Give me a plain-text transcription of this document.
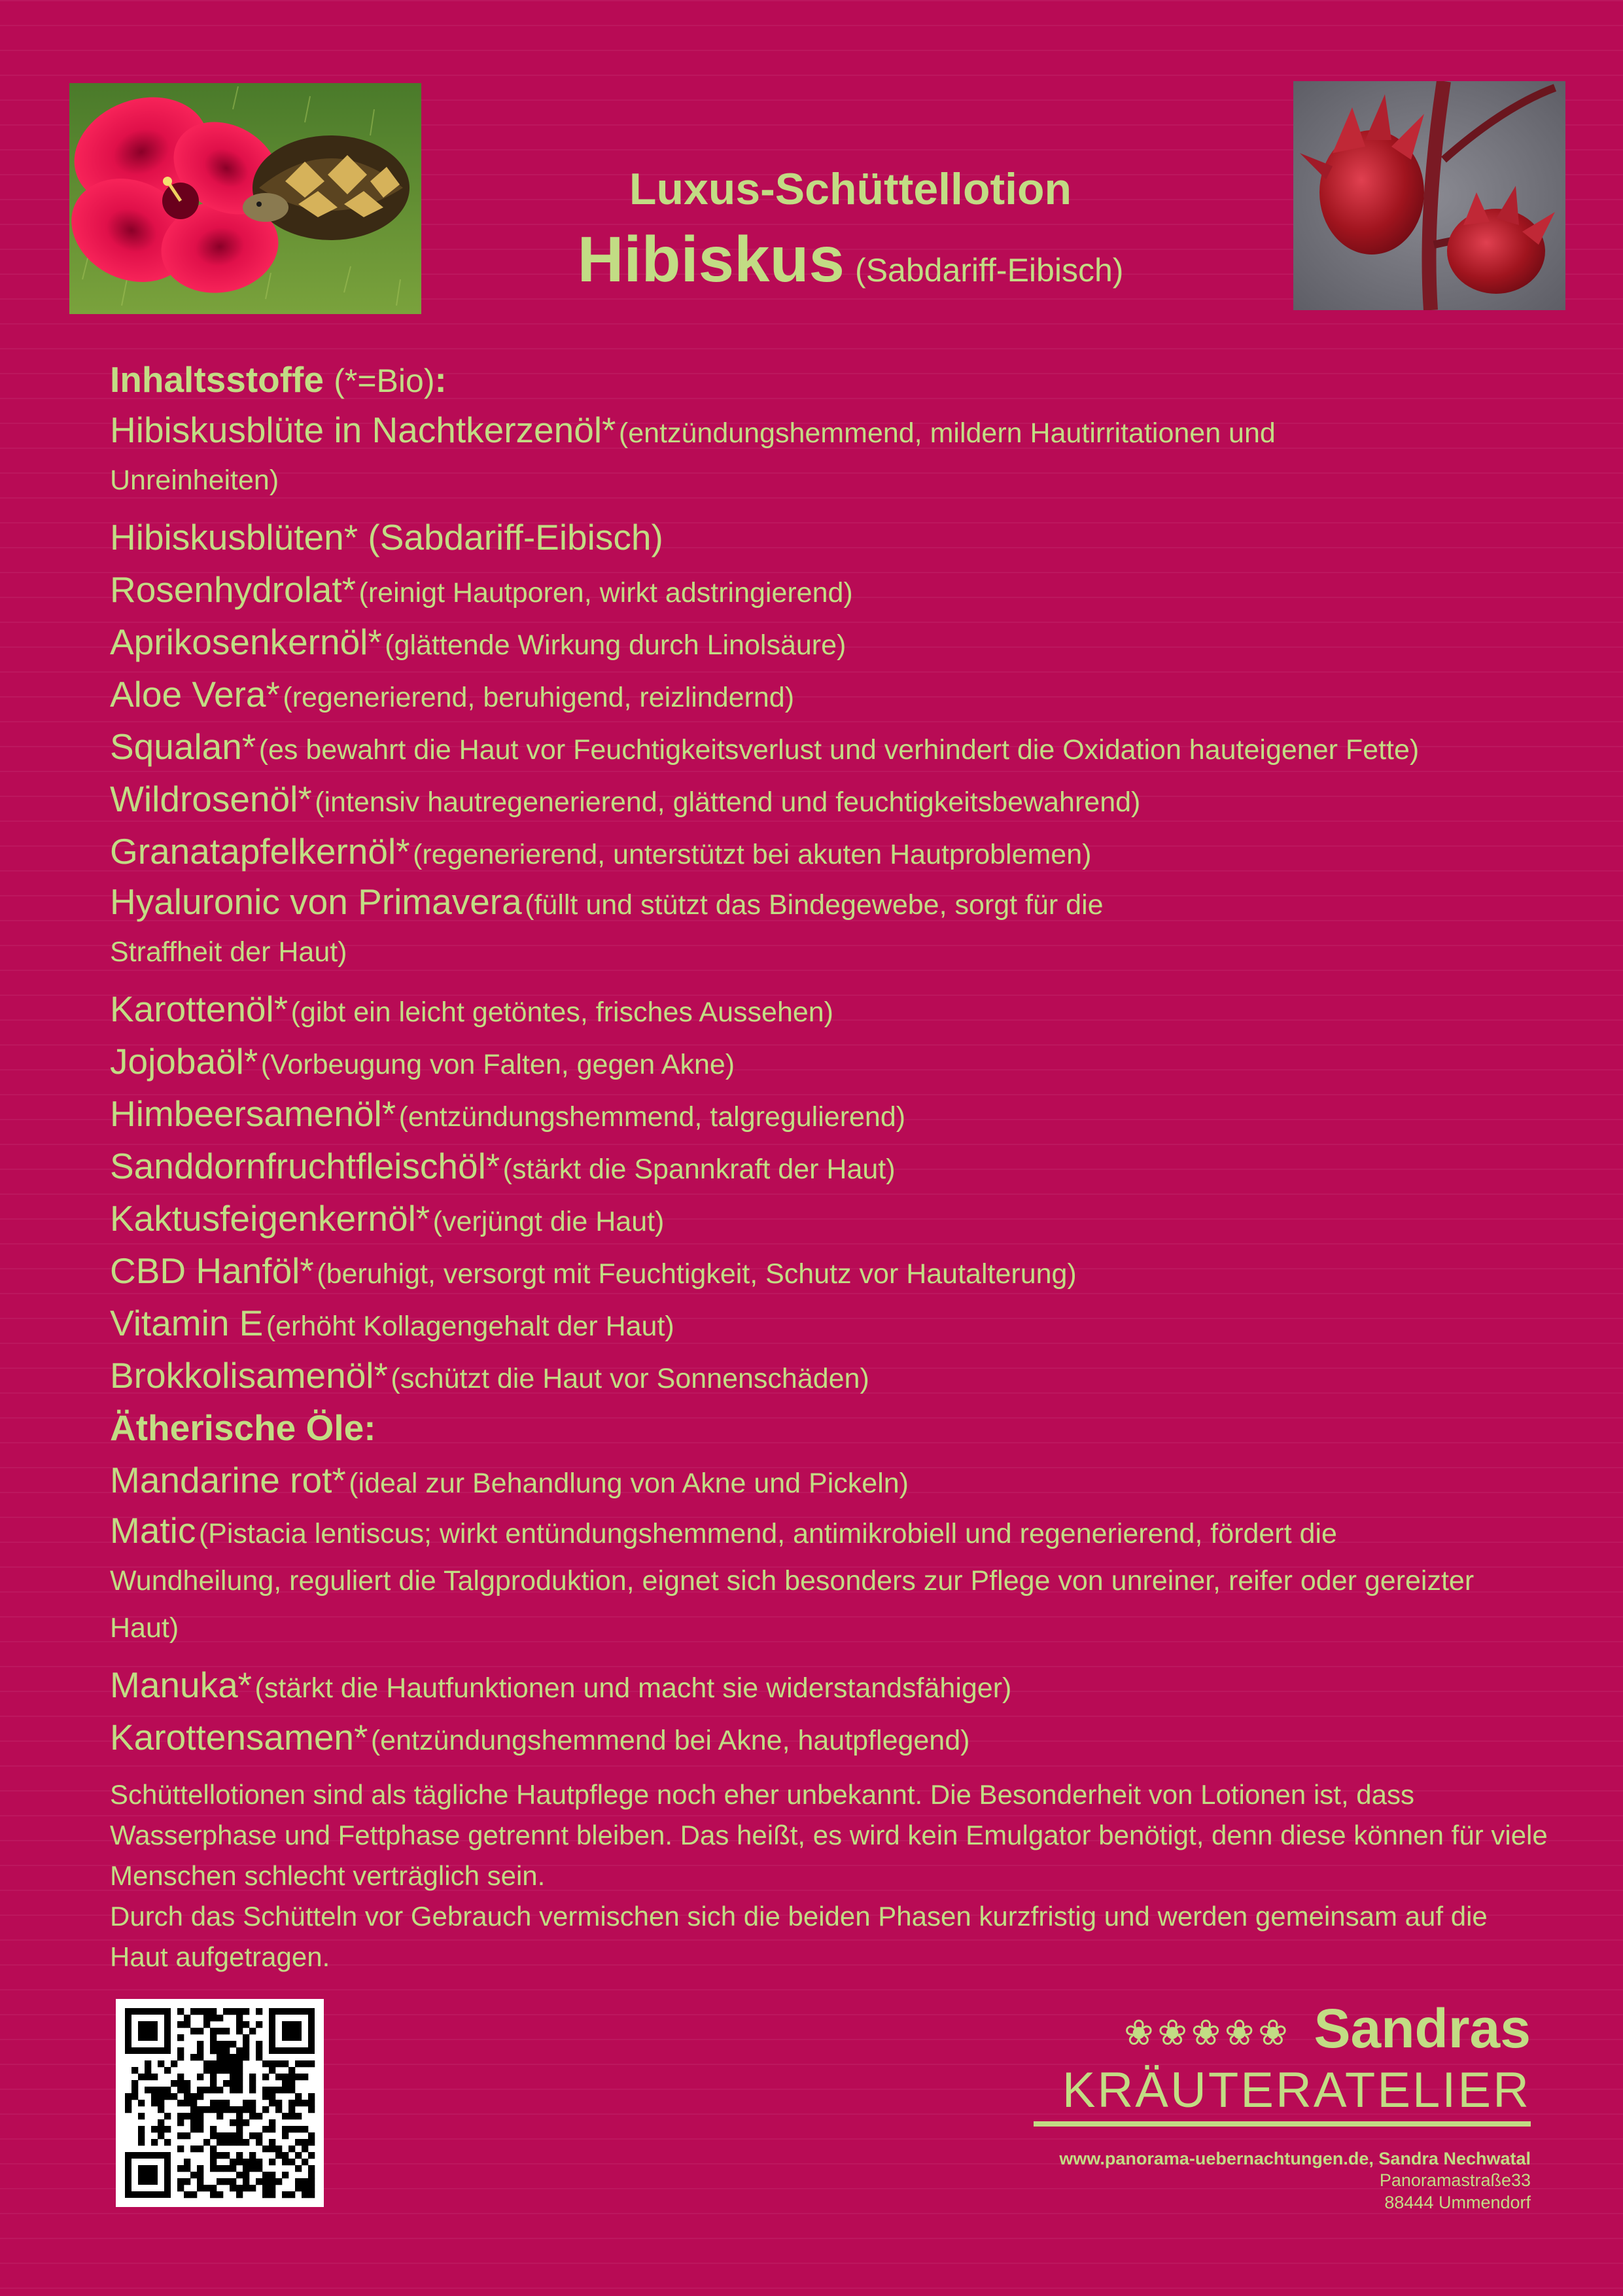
Luxus-Schüttellotion
Hibiskus (Sabdariff-Eibisch)
Inhaltsstoffe (*=Bio):
Hibiskusblüte in Nachtkerzenöl* (entzündungshemmend, mildern Hautirritationen und Unreinheiten)
Hibiskusblüten* (Sabdariff-Eibisch)
Rosenhydrolat* (reinigt Hautporen, wirkt adstringierend)
Aprikosenkernöl* (glättende Wirkung durch Linolsäure)
Aloe Vera* (regenerierend, beruhigend, reizlindernd)
Squalan* (es bewahrt die Haut vor Feuchtigkeitsverlust und verhindert die Oxidation hauteigener Fette)
Wildrosenöl* (intensiv hautregenerierend, glättend und feuchtigkeitsbewahrend)
Granatapfelkernöl* (regenerierend, unterstützt bei akuten Hautproblemen)
Hyaluronic von Primavera (füllt und stützt das Bindegewebe, sorgt für die Straffheit der Haut)
Karottenöl* (gibt ein leicht getöntes, frisches Aussehen)
Jojobaöl* (Vorbeugung von Falten, gegen Akne)
Himbeersamenöl* (entzündungshemmend, talgregulierend)
Sanddornfruchtfleischöl* (stärkt die Spannkraft der Haut)
Kaktusfeigenkernöl* (verjüngt die Haut)
CBD Hanföl* (beruhigt, versorgt mit Feuchtigkeit, Schutz vor Hautalterung)
Vitamin E (erhöht Kollagengehalt der Haut)
Brokkolisamenöl* (schützt die Haut vor Sonnenschäden)
Ätherische Öle:
Mandarine rot* (ideal zur Behandlung von Akne und Pickeln)
Matic (Pistacia lentiscus; wirkt entündungshemmend, antimikrobiell und regenerierend, fördert die Wundheilung, reguliert die Talgproduktion, eignet sich besonders zur Pflege von unreiner, reifer oder gereizter Haut)
Manuka* (stärkt die Hautfunktionen und macht sie widerstandsfähiger)
Karottensamen* (entzündungshemmend bei Akne, hautpflegend)

Schüttellotionen sind als tägliche Hautpflege noch eher unbekannt. Die Besonderheit von Lotionen ist, dass Wasserphase und Fettphase getrennt bleiben. Das heißt, es wird kein Emulgator benötigt, denn diese können für viele Menschen schlecht verträglich sein.

Durch das Schütteln vor Gebrauch vermischen sich die beiden Phasen kurzfristig und werden gemeinsam auf die Haut aufgetragen.

❀❀❀❀❀ Sandras
KRÄUTERATELIER
www.panorama-uebernachtungen.de, Sandra Nechwatal
Panoramastraße33
88444 Ummendorf
